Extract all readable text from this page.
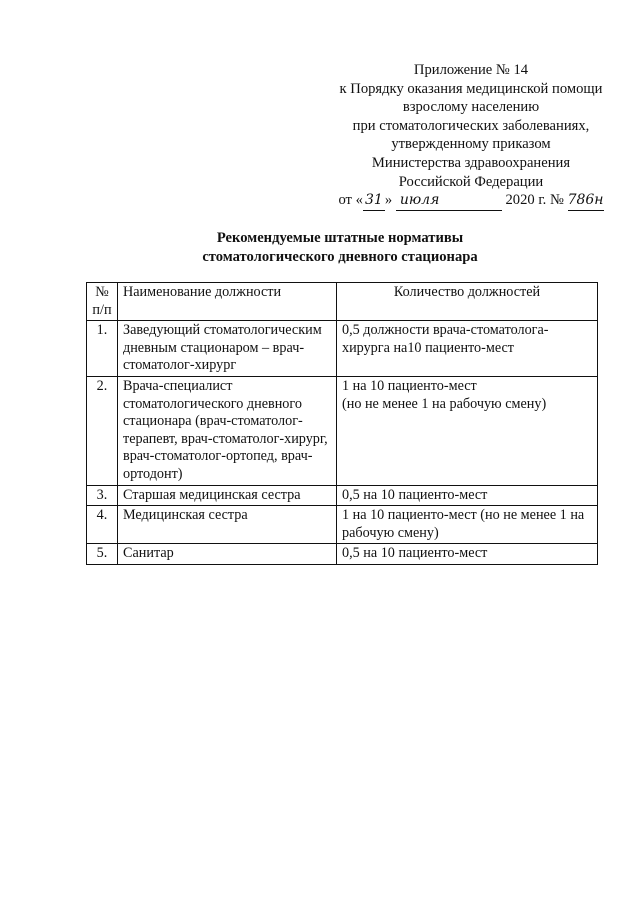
Приложение № 14
к Порядку оказания медицинской помощи
взрослому населению
при стоматологических заболеваниях,
утвержденному приказом
Министерства здравоохранения
Российской Федерации
от « 31 » июля	2020 г. № 786н
Рекомендуемые штатные нормативы
стоматологического дневного стационара
№
п/п	Наименование должности	Количество должностей
1.	Заведующий стоматологическим дневным стационаром – врач-стоматолог-хирург	0,5 должности врача-стоматолога-хирурга на10 пациенто-мест
2.	Врача-специалист стоматологического дневного стационара (врач-стоматолог-терапевт, врач-стоматолог-хирург, врач-стоматолог-ортопед, врач-ортодонт)	1 на 10 пациенто-мест
(но не менее 1 на рабочую смену)

3.	Старшая медицинская сестра	0,5 на 10 пациенто-мест
4.	Медицинская сестра	1 на 10 пациенто-мест (но не менее 1 на рабочую смену)
5.	Санитар	0,5 на 10 пациенто-мест
